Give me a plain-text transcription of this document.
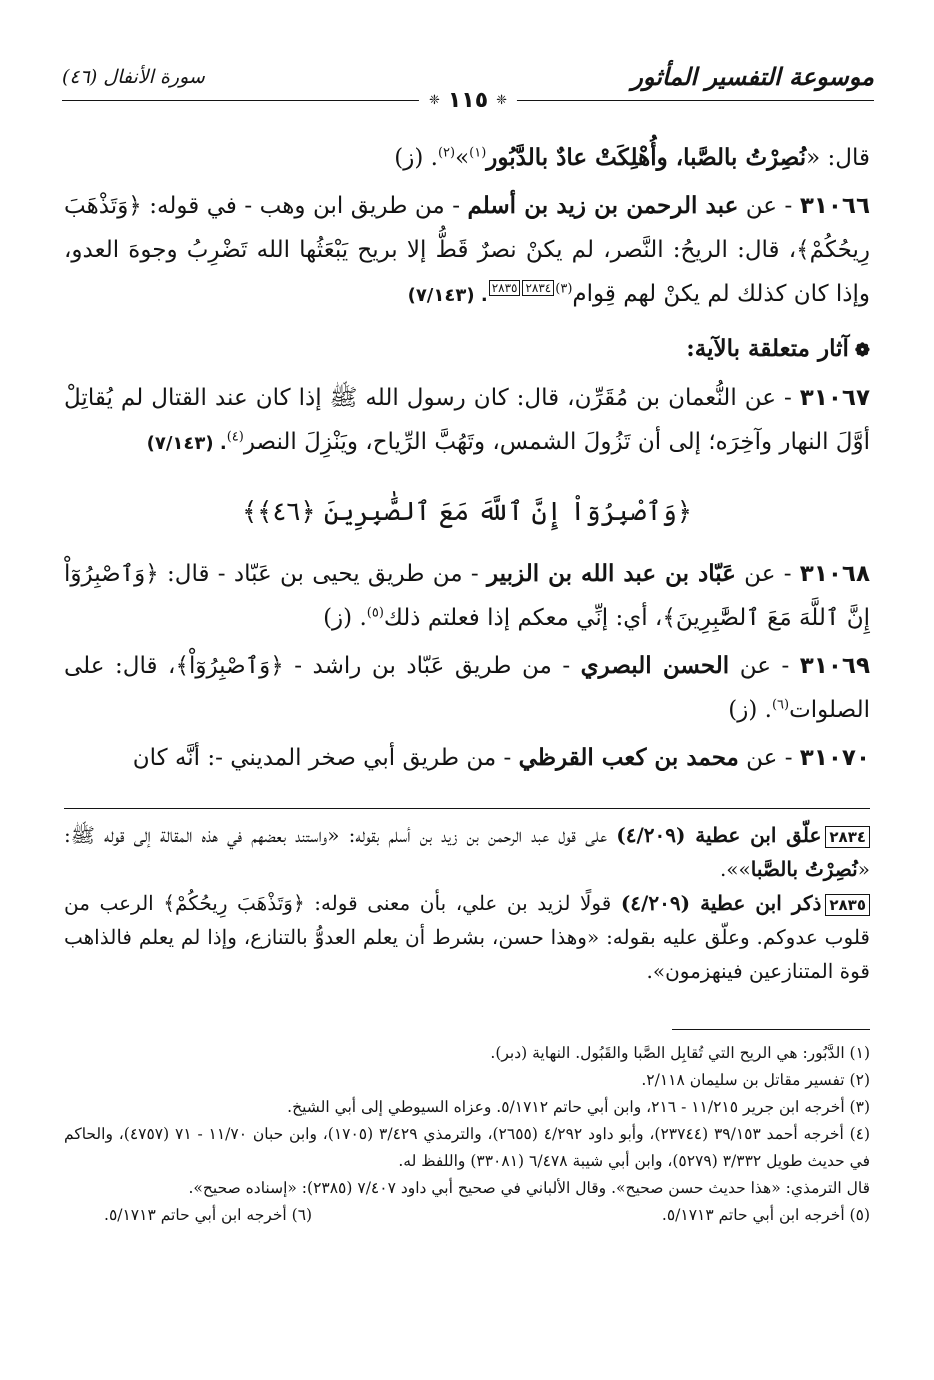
موسوعة التفسير المأثور
سورة الأنفال (٤٦)
❈
١١٥
❈

قال: «نُصِرْتُ بالصَّبا، وأُهْلِكَتْ عادٌ بالدَّبُور$^{(١)}$»$^{(٢)}$. (ز)

٣١٠٦٦ - عن عبد الرحمن بن زيد بن أسلم - من طريق ابن وهب - في قوله: ﴿وَتَذْهَبَ رِيحُكُمْ﴾، قال: الريحُ: النَّصر، لم يكنْ نصرٌ قَطُّ إلا بريح يَبْعَثُها الله تَضْرِبُ وجوهَ العدو، وإذا كان كذلك لم يكنْ لهم قِوام$^{(٣)}$٢٨٣٤٢٨٣٥. (٧/١٤٣)

❁آثار متعلقة بالآية:

٣١٠٦٧ - عن النُّعمان بن مُقَرِّن، قال: كان رسول الله ﷺ إذا كان عند القتال لم يُقاتِلْ أوَّلَ النهار وآخِرَه؛ إلى أن تَزُولَ الشمس، وتَهُبَّ الرِّياح، ويَنْزِلَ النصر$^{(٤)}$. (٧/١٤٣)

﴿وَٱصْبِرُوٓاْ إِنَّ ٱللَّهَ مَعَ ٱلصَّٰبِرِينَ ﴿٤٦﴾﴾

٣١٠٦٨ - عن عَبّاد بن عبد الله بن الزبير - من طريق يحيى بن عَبّاد - قال: ﴿وَٱصْبِرُوٓاْ إِنَّ ٱللَّهَ مَعَ ٱلصَّٰبِرِينَ﴾، أي: إنِّي معكم إذا فعلتم ذلك$^{(٥)}$. (ز)

٣١٠٦٩ - عن الحسن البصري - من طريق عَبّاد بن راشد - ﴿وَٱصْبِرُوٓاْ﴾، قال: على الصلوات$^{(٦)}$. (ز)

٣١٠٧٠ - عن محمد بن كعب القرظي - من طريق أبي صخر المديني -: أنَّه كان

٢٨٣٤علّق ابن عطية (٤/٢٠٩) على قول عبد الرحمن بن زيد بن أسلم بقوله: «واستند بعضهم في هذه المقالة إلى قوله ﷺ: «نُصِرْتُ بالصَّبا»».

٢٨٣٥ذكر ابن عطية (٤/٢٠٩) قولًا لزيد بن علي، بأن معنى قوله: ﴿وَتَذْهَبَ رِيحُكُمْ﴾ الرعب من قلوب عدوكم. وعلّق عليه بقوله: «وهذا حسن، بشرط أن يعلم العدوُّ بالتنازع، وإذا لم يعلم فالذاهب قوة المتنازعين فينهزمون».

(١) الدَّبُور: هي الريح التي تُقابِل الصَّبا والقَبُول. النهاية (دبر).

(٢) تفسير مقاتل بن سليمان ٢/١١٨.

(٣) أخرجه ابن جرير ١١/٢١٥ - ٢١٦، وابن أبي حاتم ٥/١٧١٢. وعزاه السيوطي إلى أبي الشيخ.

(٤) أخرجه أحمد ٣٩/١٥٣ (٢٣٧٤٤)، وأبو داود ٤/٢٩٢ (٢٦٥٥)، والترمذي ٣/٤٢٩ (١٧٠٥)، وابن حبان ١١/٧٠ - ٧١ (٤٧٥٧)، والحاكم في حديث طويل ٣/٣٣٢ (٥٢٧٩)، وابن أبي شيبة ٦/٤٧٨ (٣٣٠٨١) واللفظ له.

قال الترمذي: «هذا حديث حسن صحيح». وقال الألباني في صحيح أبي داود ٧/٤٠٧ (٢٣٨٥): «إسناده صحيح».

(٥) أخرجه ابن أبي حاتم ٥/١٧١٣.
(٦) أخرجه ابن أبي حاتم ٥/١٧١٣.
